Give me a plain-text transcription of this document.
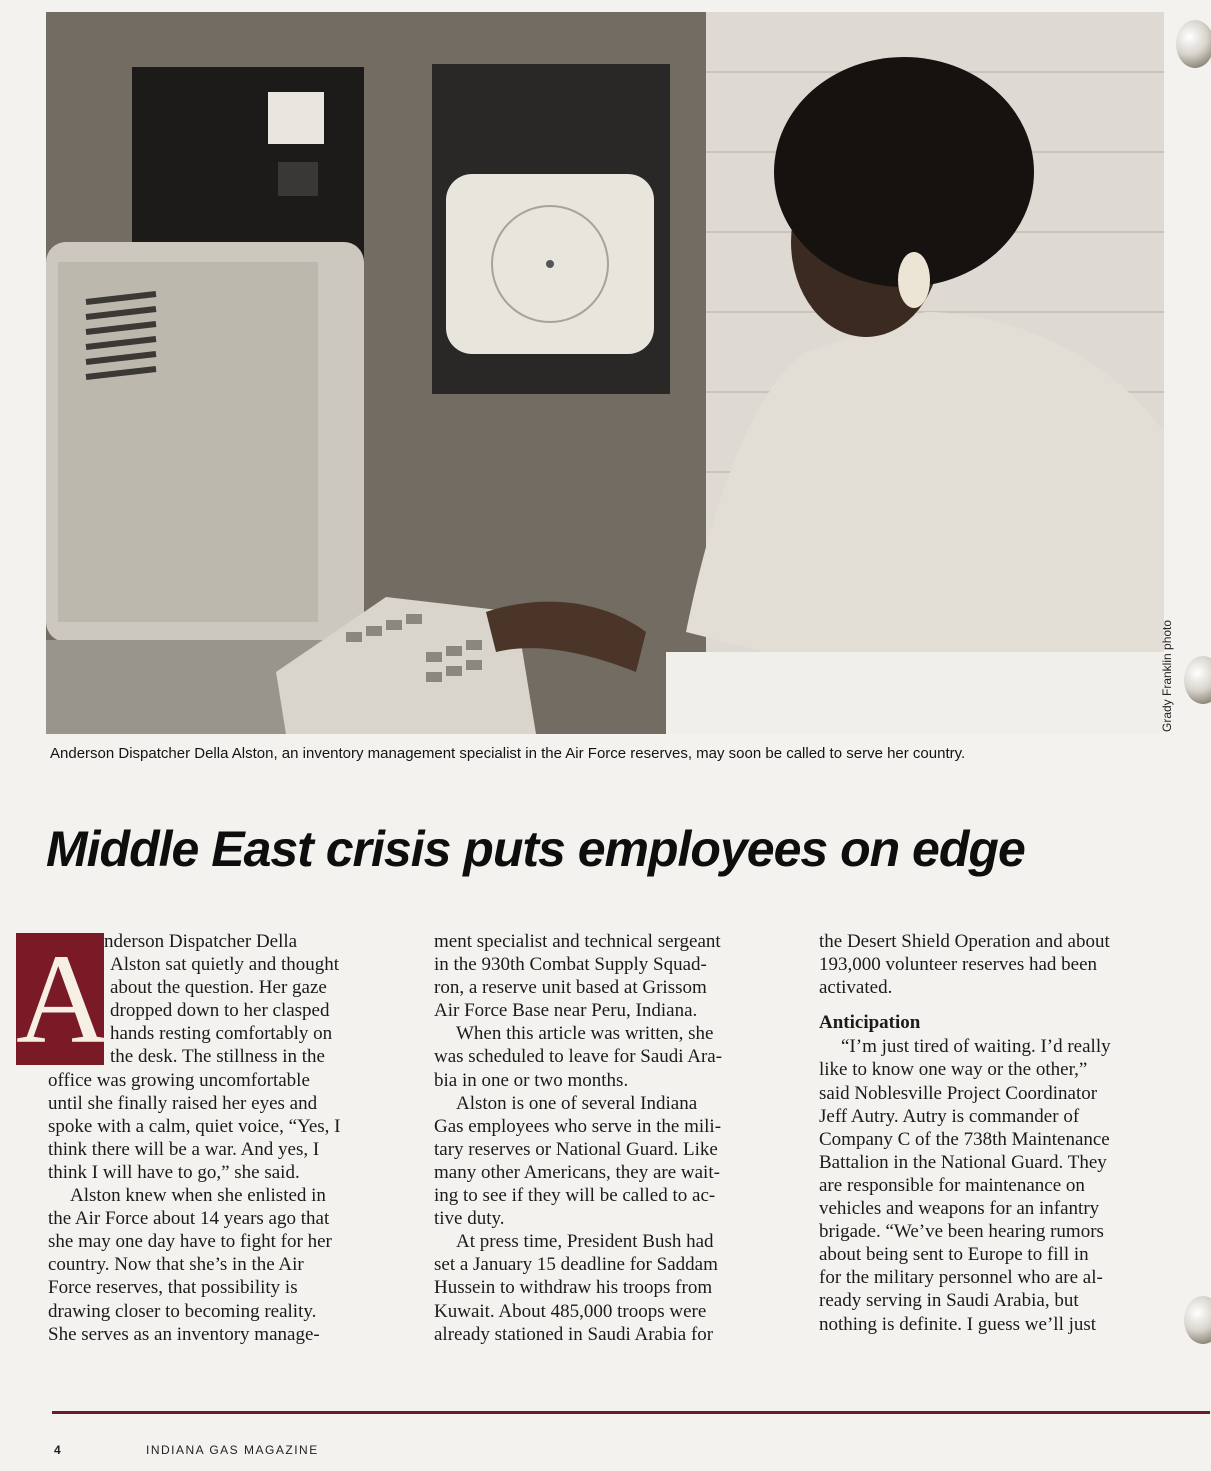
Grady Franklin photo
Anderson Dispatcher Della Alston, an inventory management specialist in the Air Force reserves, may soon be called to serve her country.
Middle East crisis puts employees on edge
A

nderson Dispatcher Della
Alston sat quietly and thought
about the question. Her gaze
dropped down to her clasped
hands resting comfortably on
the desk. The stillness in the
office was growing uncomfortable
until she finally raised her eyes and
spoke with a calm, quiet voice, “Yes, I
think there will be a war. And yes, I
think I will have to go,” she said.

Alston knew when she enlisted in
the Air Force about 14 years ago that
she may one day have to fight for her
country. Now that she’s in the Air
Force reserves, that possibility is
drawing closer to becoming reality.
She serves as an inventory manage-

ment specialist and technical sergeant
in the 930th Combat Supply Squad-
ron, a reserve unit based at Grissom
Air Force Base near Peru, Indiana.

When this article was written, she
was scheduled to leave for Saudi Ara-
bia in one or two months.

Alston is one of several Indiana
Gas employees who serve in the mili-
tary reserves or National Guard. Like
many other Americans, they are wait-
ing to see if they will be called to ac-
tive duty.

At press time, President Bush had
set a January 15 deadline for Saddam
Hussein to withdraw his troops from
Kuwait. About 485,000 troops were
already stationed in Saudi Arabia for

the Desert Shield Operation and about
193,000 volunteer reserves had been
activated.

Anticipation

“I’m just tired of waiting. I’d really
like to know one way or the other,”
said Noblesville Project Coordinator
Jeff Autry. Autry is commander of
Company C of the 738th Maintenance
Battalion in the National Guard. They
are responsible for maintenance on
vehicles and weapons for an infantry
brigade. “We’ve been hearing rumors
about being sent to Europe to fill in
for the military personnel who are al-
ready serving in Saudi Arabia, but
nothing is definite. I guess we’ll just

4	INDIANA GAS MAGAZINE
